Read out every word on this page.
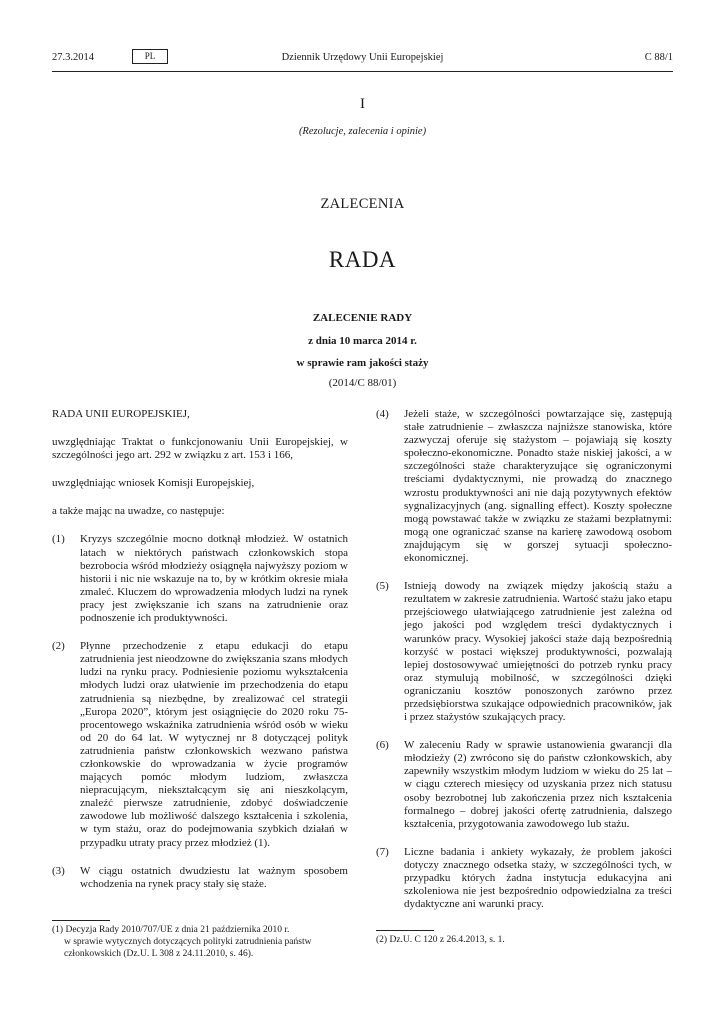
27.3.2014	PL	Dziennik Urzędowy Unii Europejskiej	C 88/1
I
(Rezolucje, zalecenia i opinie)
ZALECENIA
RADA
ZALECENIE RADY
z dnia 10 marca 2014 r.
w sprawie ram jakości staży
(2014/C 88/01)

RADA UNII EUROPEJSKIEJ,

uwzględniając Traktat o funkcjonowaniu Unii Europejskiej, w szczególności jego art. 292 w związku z art. 153 i 166,

uwzględniając wniosek Komisji Europejskiej,

a także mając na uwadze, co następuje:

(1) Kryzys szczególnie mocno dotknął młodzież. W ostatnich latach w niektórych państwach członkowskich stopa bezrobocia wśród młodzieży osiągnęła najwyższy poziom w historii i nic nie wskazuje na to, by w krótkim okresie miała zmaleć. Kluczem do wprowadzenia młodych ludzi na rynek pracy jest zwiększanie ich szans na zatrudnienie oraz podnoszenie ich produktywności.
(2) Płynne przechodzenie z etapu edukacji do etapu zatrudnienia jest nieodzowne do zwiększania szans młodych ludzi na rynku pracy. Podniesienie poziomu wykształcenia młodych ludzi oraz ułatwienie im przechodzenia do etapu zatrudnienia są niezbędne, by zrealizować cel strategii „Europa 2020”, którym jest osiągnięcie do 2020 roku 75-procentowego wskaźnika zatrudnienia wśród osób w wieku od 20 do 64 lat. W wytycznej nr 8 dotyczącej polityk zatrudnienia państw członkowskich wezwano państwa członkowskie do wprowadzania w życie programów mających pomóc młodym ludziom, zwłaszcza niepracującym, niekształcącym się ani nieszkolącym, znaleźć pierwsze zatrudnienie, zdobyć doświadczenie zawodowe lub możliwość dalszego kształcenia i szkolenia, w tym stażu, oraz do podejmowania szybkich działań w przypadku utraty pracy przez młodzież (1).
(3) W ciągu ostatnich dwudziestu lat ważnym sposobem wchodzenia na rynek pracy stały się staże.
(4) Jeżeli staże, w szczególności powtarzające się, zastępują stałe zatrudnienie – zwłaszcza najniższe stanowiska, które zazwyczaj oferuje się stażystom – pojawiają się koszty społeczno-ekonomiczne. Ponadto staże niskiej jakości, a w szczególności staże charakteryzujące się ograniczonymi treściami dydaktycznymi, nie prowadzą do znacznego wzrostu produktywności ani nie dają pozytywnych efektów sygnalizacyjnych (ang. signalling effect). Koszty społeczne mogą powstawać także w związku ze stażami bezpłatnymi: mogą one ograniczać szanse na karierę zawodową osobom znajdującym się w gorszej sytuacji społeczno-ekonomicznej.
(5) Istnieją dowody na związek między jakością stażu a rezultatem w zakresie zatrudnienia. Wartość stażu jako etapu przejściowego ułatwiającego zatrudnienie jest zależna od jego jakości pod względem treści dydaktycznych i warunków pracy. Wysokiej jakości staże dają bezpośrednią korzyść w postaci większej produktywności, pozwalają lepiej dostosowywać umiejętności do potrzeb rynku pracy oraz stymulują mobilność, w szczególności dzięki ograniczaniu kosztów ponoszonych zarówno przez przedsiębiorstwa szukające odpowiednich pracowników, jak i przez stażystów szukających pracy.
(6) W zaleceniu Rady w sprawie ustanowienia gwarancji dla młodzieży (2) zwrócono się do państw członkowskich, aby zapewniły wszystkim młodym ludziom w wieku do 25 lat – w ciągu czterech miesięcy od uzyskania przez nich statusu osoby bezrobotnej lub zakończenia przez nich kształcenia formalnego – dobrej jakości ofertę zatrudnienia, dalszego kształcenia, przygotowania zawodowego lub stażu.
(7) Liczne badania i ankiety wykazały, że problem jakości dotyczy znacznego odsetka staży, w szczególności tych, w przypadku których żadna instytucja edukacyjna ani szkoleniowa nie jest bezpośrednio odpowiedzialna za treści dydaktyczne ani warunki pracy.
(1) Decyzja Rady 2010/707/UE z dnia 21 października 2010 r.
w sprawie wytycznych dotyczących polityki zatrudnienia państw
członkowskich (Dz.U. L 308 z 24.11.2010, s. 46).
(2) Dz.U. C 120 z 26.4.2013, s. 1.
